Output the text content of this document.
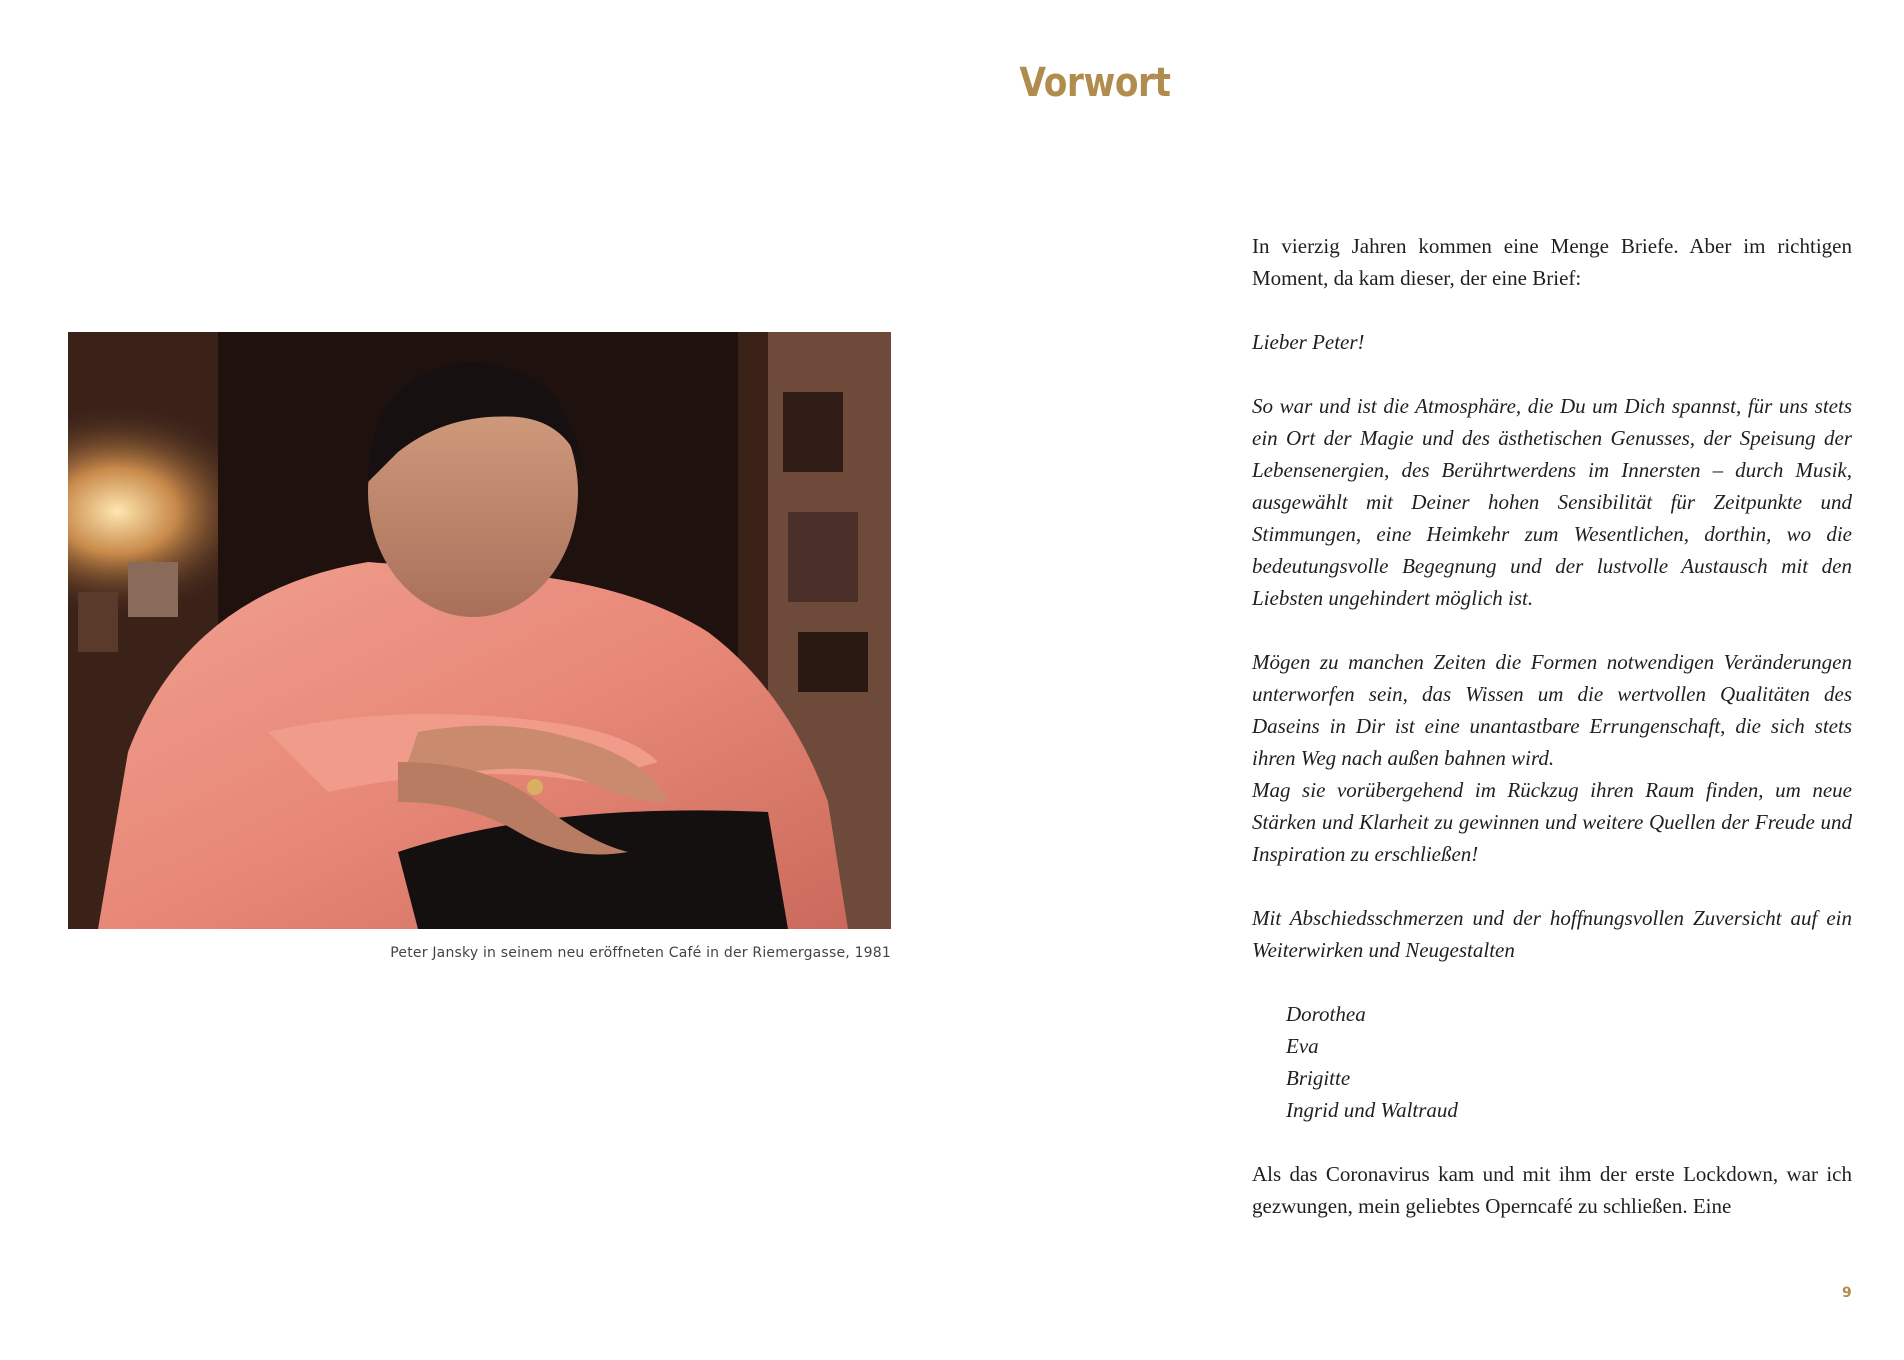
Vorwort
Peter Jansky in seinem neu eröffneten Café in der Riemergasse, 1981

In vierzig Jahren kommen eine Menge Briefe. Aber im richtigen Moment, da kam dieser, der eine Brief:

Lieber Peter!

So war und ist die Atmosphäre, die Du um Dich spannst, für uns stets ein Ort der Magie und des ästhetischen Genusses, der Speisung der Lebensenergien, des Berührtwerdens im Innersten – durch Musik, ausgewählt mit Deiner hohen Sensibilität für Zeitpunkte und Stimmungen, eine Heimkehr zum Wesentlichen, dorthin, wo die bedeutungsvolle Begegnung und der lustvolle Austausch mit den Liebsten ungehindert möglich ist.

Mögen zu manchen Zeiten die Formen notwendigen Veränderungen unterworfen sein, das Wissen um die wertvollen Qualitäten des Daseins in Dir ist eine unantastbare Errungenschaft, die sich stets ihren Weg nach außen bahnen wird.

Mag sie vorübergehend im Rückzug ihren Raum finden, um neue Stärken und Klarheit zu gewinnen und weitere Quellen der Freude und Inspiration zu erschließen!

Mit Abschiedsschmerzen und der hoffnungsvollen Zuversicht auf ein Weiterwirken und Neugestalten

Dorothea
Eva
Brigitte
Ingrid und Waltraud

Als das Coronavirus kam und mit ihm der erste Lockdown, war ich gezwungen, mein geliebtes Operncafé zu schließen. Eine

9
